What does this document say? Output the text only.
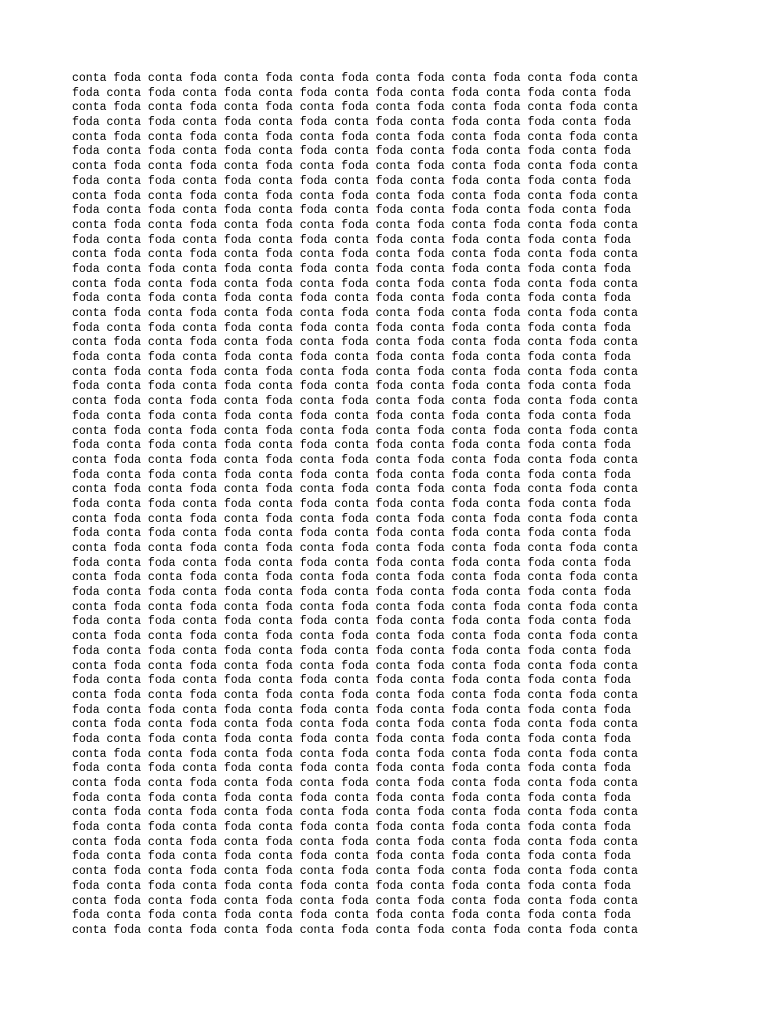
conta foda conta foda conta foda conta foda conta foda conta foda conta foda conta
foda conta foda conta foda conta foda conta foda conta foda conta foda conta foda
conta foda conta foda conta foda conta foda conta foda conta foda conta foda conta
foda conta foda conta foda conta foda conta foda conta foda conta foda conta foda
conta foda conta foda conta foda conta foda conta foda conta foda conta foda conta
foda conta foda conta foda conta foda conta foda conta foda conta foda conta foda
conta foda conta foda conta foda conta foda conta foda conta foda conta foda conta
foda conta foda conta foda conta foda conta foda conta foda conta foda conta foda
conta foda conta foda conta foda conta foda conta foda conta foda conta foda conta
foda conta foda conta foda conta foda conta foda conta foda conta foda conta foda
conta foda conta foda conta foda conta foda conta foda conta foda conta foda conta
foda conta foda conta foda conta foda conta foda conta foda conta foda conta foda
conta foda conta foda conta foda conta foda conta foda conta foda conta foda conta
foda conta foda conta foda conta foda conta foda conta foda conta foda conta foda
conta foda conta foda conta foda conta foda conta foda conta foda conta foda conta
foda conta foda conta foda conta foda conta foda conta foda conta foda conta foda
conta foda conta foda conta foda conta foda conta foda conta foda conta foda conta
foda conta foda conta foda conta foda conta foda conta foda conta foda conta foda
conta foda conta foda conta foda conta foda conta foda conta foda conta foda conta
foda conta foda conta foda conta foda conta foda conta foda conta foda conta foda
conta foda conta foda conta foda conta foda conta foda conta foda conta foda conta
foda conta foda conta foda conta foda conta foda conta foda conta foda conta foda
conta foda conta foda conta foda conta foda conta foda conta foda conta foda conta
foda conta foda conta foda conta foda conta foda conta foda conta foda conta foda
conta foda conta foda conta foda conta foda conta foda conta foda conta foda conta
foda conta foda conta foda conta foda conta foda conta foda conta foda conta foda
conta foda conta foda conta foda conta foda conta foda conta foda conta foda conta
foda conta foda conta foda conta foda conta foda conta foda conta foda conta foda
conta foda conta foda conta foda conta foda conta foda conta foda conta foda conta
foda conta foda conta foda conta foda conta foda conta foda conta foda conta foda
conta foda conta foda conta foda conta foda conta foda conta foda conta foda conta
foda conta foda conta foda conta foda conta foda conta foda conta foda conta foda
conta foda conta foda conta foda conta foda conta foda conta foda conta foda conta
foda conta foda conta foda conta foda conta foda conta foda conta foda conta foda
conta foda conta foda conta foda conta foda conta foda conta foda conta foda conta
foda conta foda conta foda conta foda conta foda conta foda conta foda conta foda
conta foda conta foda conta foda conta foda conta foda conta foda conta foda conta
foda conta foda conta foda conta foda conta foda conta foda conta foda conta foda
conta foda conta foda conta foda conta foda conta foda conta foda conta foda conta
foda conta foda conta foda conta foda conta foda conta foda conta foda conta foda
conta foda conta foda conta foda conta foda conta foda conta foda conta foda conta
foda conta foda conta foda conta foda conta foda conta foda conta foda conta foda
conta foda conta foda conta foda conta foda conta foda conta foda conta foda conta
foda conta foda conta foda conta foda conta foda conta foda conta foda conta foda
conta foda conta foda conta foda conta foda conta foda conta foda conta foda conta
foda conta foda conta foda conta foda conta foda conta foda conta foda conta foda
conta foda conta foda conta foda conta foda conta foda conta foda conta foda conta
foda conta foda conta foda conta foda conta foda conta foda conta foda conta foda
conta foda conta foda conta foda conta foda conta foda conta foda conta foda conta
foda conta foda conta foda conta foda conta foda conta foda conta foda conta foda
conta foda conta foda conta foda conta foda conta foda conta foda conta foda conta
foda conta foda conta foda conta foda conta foda conta foda conta foda conta foda
conta foda conta foda conta foda conta foda conta foda conta foda conta foda conta
foda conta foda conta foda conta foda conta foda conta foda conta foda conta foda
conta foda conta foda conta foda conta foda conta foda conta foda conta foda conta
foda conta foda conta foda conta foda conta foda conta foda conta foda conta foda
conta foda conta foda conta foda conta foda conta foda conta foda conta foda conta
foda conta foda conta foda conta foda conta foda conta foda conta foda conta foda
conta foda conta foda conta foda conta foda conta foda conta foda conta foda conta
